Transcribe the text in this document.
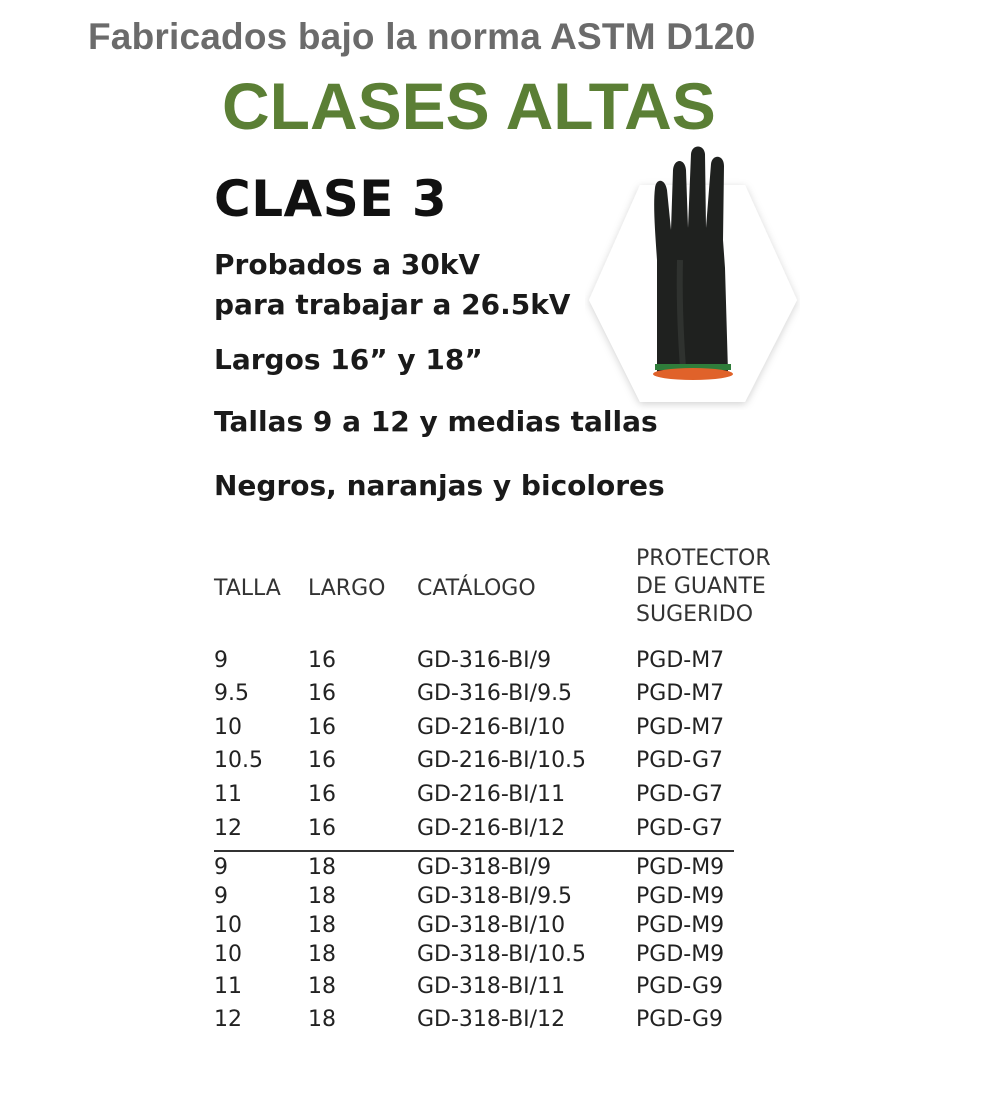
Fabricados bajo la norma ASTM D120
CLASES ALTAS
CLASE 3
Probados a 30kV
para trabajar a 26.5kV
Largos 16” y 18”
Tallas 9 a 12 y medias tallas
Negros, naranjas y bicolores
TALLA LARGO CATÁLOGO
PROTECTOR
DE GUANTE
SUGERIDO
9	16	GD-316-BI/9	PGD-M7
9.5	16	GD-316-BI/9.5	PGD-M7
10	16	GD-216-BI/10	PGD-M7
10.5 16	GD-216-BI/10.5 PGD-G7
11	16	GD-216-BI/11	PGD-G7
12	16	GD-216-BI/12	PGD-G7
9	18	GD-318-BI/9	PGD-M9
9	18	GD-318-BI/9.5	PGD-M9
10	18	GD-318-BI/10	PGD-M9
10	18	GD-318-BI/10.5 PGD-M9
11	18	GD-318-BI/11	PGD-G9
12	18	GD-318-BI/12	PGD-G9
